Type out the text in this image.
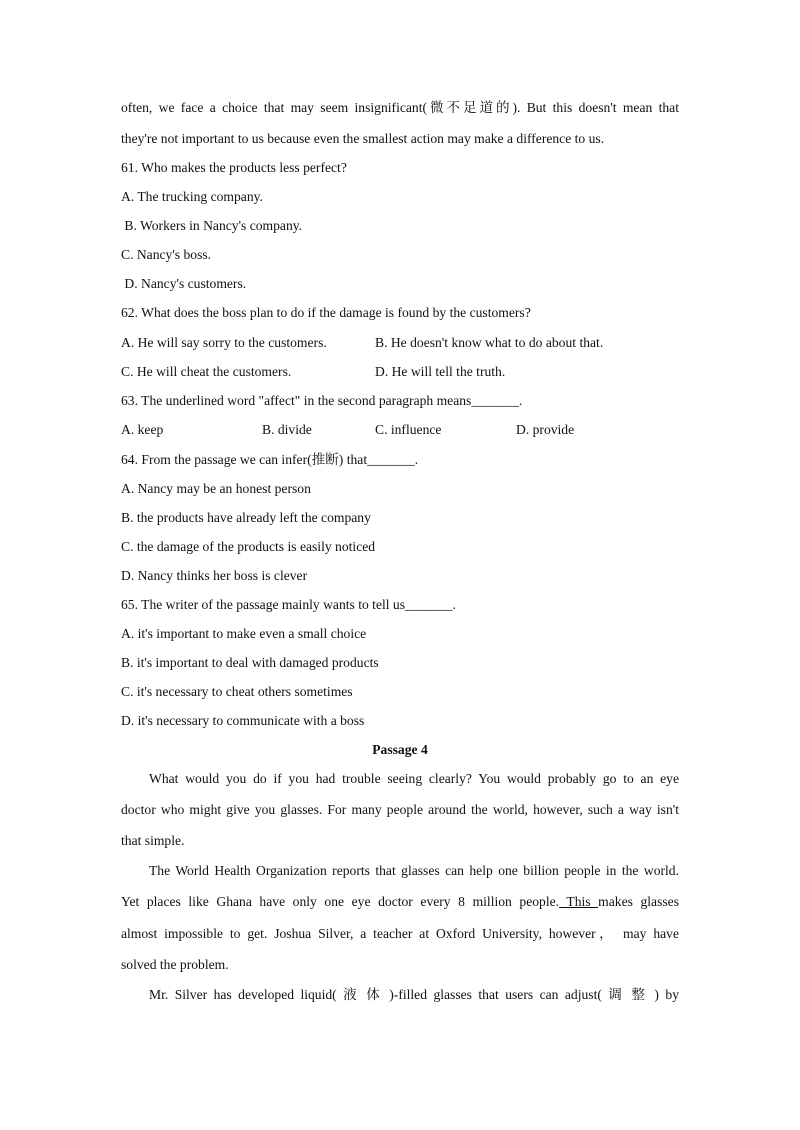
often, we face a choice that may seem insignificant(微不足道的). But this doesn't mean that
they're not important to us because even the smallest action may make a difference to us.
61. Who makes the products less perfect?
A. The trucking company.
B. Workers in Nancy's company.
C. Nancy's boss.
D. Nancy's customers.
62. What does the boss plan to do if the damage is found by the customers?
A. He will say sorry to the customers.	B. He doesn't know what to do about that.
C. He will cheat the customers.	D. He will tell the truth.
63. The underlined word "affect" in the second paragraph means_______.
A. keep	B. divide	C. influence	D. provide
64. From the passage we can infer(推断) that_______.
A. Nancy may be an honest person
B. the products have already left the company
C. the damage of the products is easily noticed
D. Nancy thinks her boss is clever
65. The writer of the passage mainly wants to tell us_______.
A. it's important to make even a small choice
B. it's important to deal with damaged products
C. it's necessary to cheat others sometimes
D. it's necessary to communicate with a boss
Passage 4
What would you do if you had trouble seeing clearly? You would probably go to an eye
doctor who might give you glasses. For many people around the world, however, such a way isn't
that simple.
The World Health Organization reports that glasses can help one billion people in the world.
Yet places like Ghana have only one eye doctor every 8 million people. This makes glasses
almost impossible to get. Joshua Silver, a teacher at Oxford University, however， may have
solved the problem.
Mr. Silver has developed liquid( 液 体 )-filled glasses that users can adjust( 调 整 ) by
